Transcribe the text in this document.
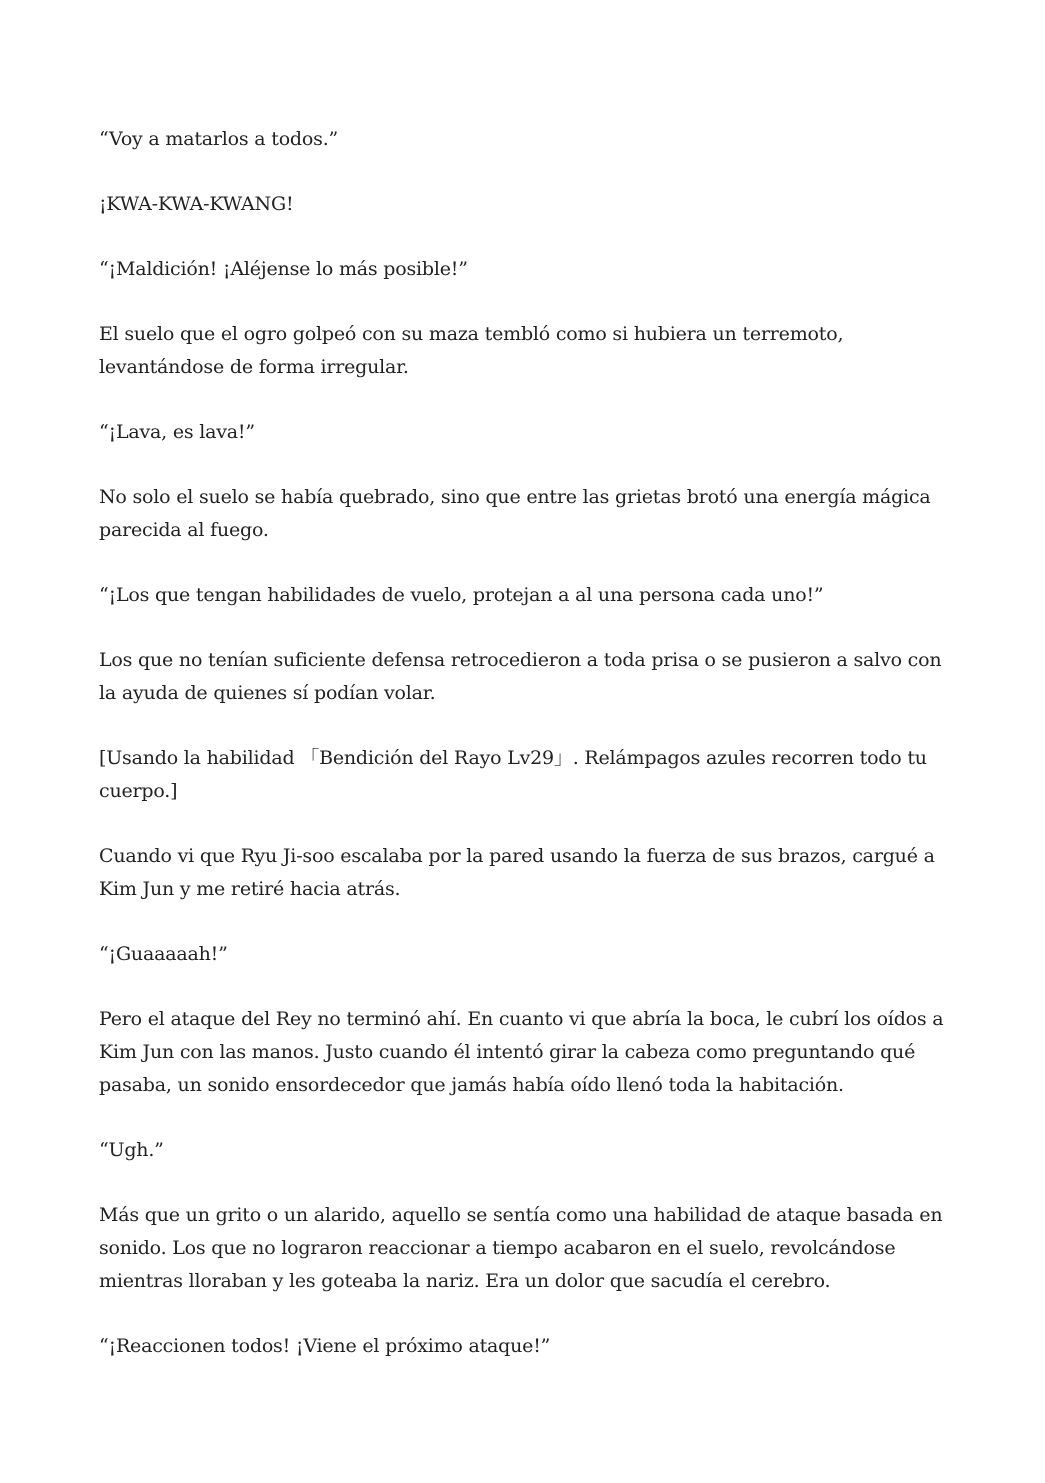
“Voy a matarlos a todos.”

¡KWA-KWA-KWANG!

“¡Maldición! ¡Aléjense lo más posible!”

El suelo que el ogro golpeó con su maza tembló como si hubiera un terremoto, levantándose de forma irregular.

“¡Lava, es lava!”

No solo el suelo se había quebrado, sino que entre las grietas brotó una energía mágica parecida al fuego.

“¡Los que tengan habilidades de vuelo, protejan a al una persona cada uno!”

Los que no tenían suficiente defensa retrocedieron a toda prisa o se pusieron a salvo con la ayuda de quienes sí podían volar.

[Usando la habilidad 「Bendición del Rayo Lv29」. Relámpagos azules recorren todo tu cuerpo.]

Cuando vi que Ryu Ji-soo escalaba por la pared usando la fuerza de sus brazos, cargué a Kim Jun y me retiré hacia atrás.

“¡Guaaaaah!”

Pero el ataque del Rey no terminó ahí. En cuanto vi que abría la boca, le cubrí los oídos a Kim Jun con las manos. Justo cuando él intentó girar la cabeza como preguntando qué pasaba, un sonido ensordecedor que jamás había oído llenó toda la habitación.

“Ugh.”

Más que un grito o un alarido, aquello se sentía como una habilidad de ataque basada en sonido. Los que no lograron reaccionar a tiempo acabaron en el suelo, revolcándose mientras lloraban y les goteaba la nariz. Era un dolor que sacudía el cerebro.

“¡Reaccionen todos! ¡Viene el próximo ataque!”
